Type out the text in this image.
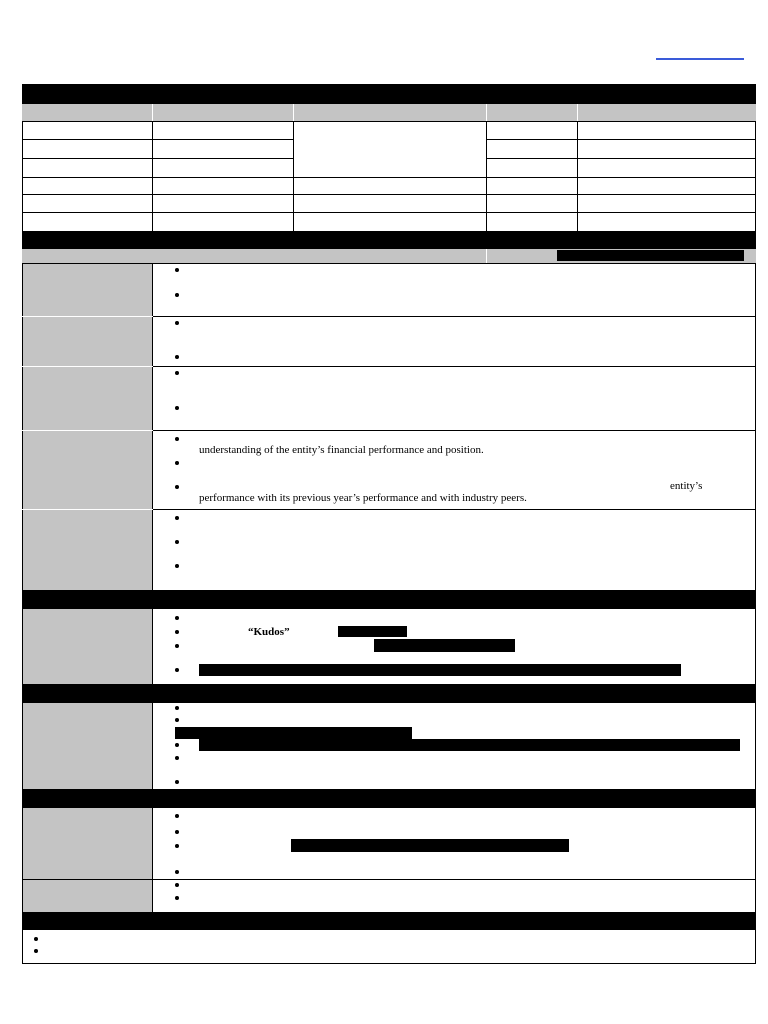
understanding of the entity’s financial performance and position.
entity’s
performance with its previous year’s performance and with industry peers.
“Kudos”
